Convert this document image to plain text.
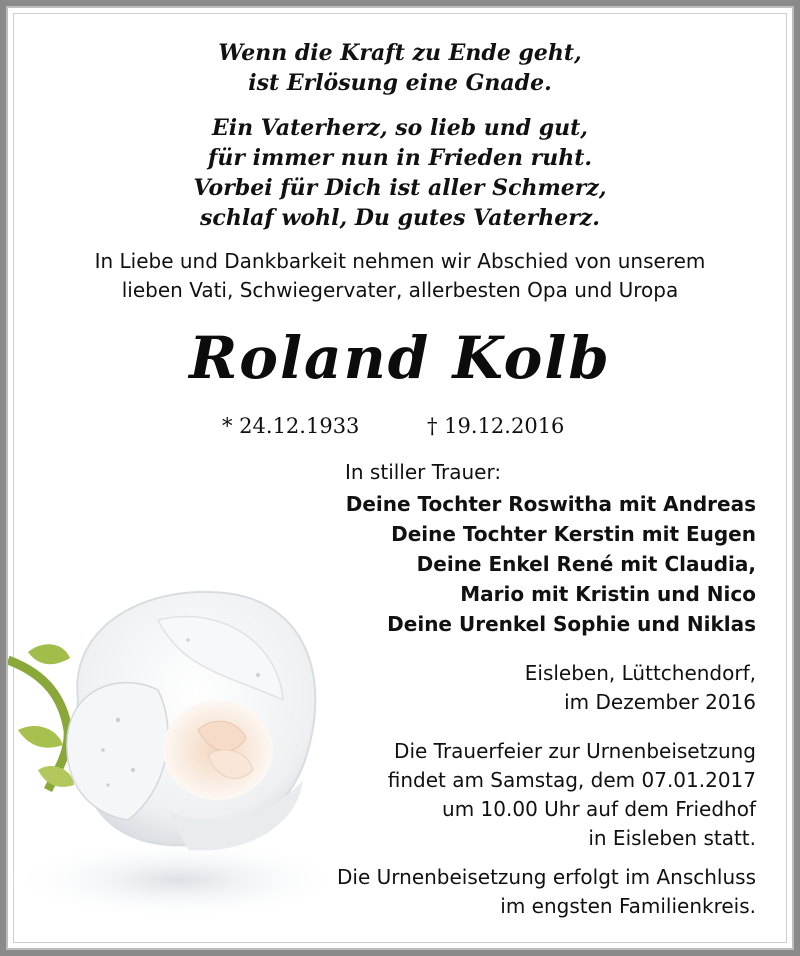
Wenn die Kraft zu Ende geht,
ist Erlösung eine Gnade.
Ein Vaterherz, so lieb und gut,
für immer nun in Frieden ruht.
Vorbei für Dich ist aller Schmerz,
schlaf wohl, Du gutes Vaterherz.
In Liebe und Dankbarkeit nehmen wir Abschied von unserem
lieben Vati, Schwiegervater, allerbesten Opa und Uropa
Roland Kolb
* 24.12.1933	† 19.12.2016
In stiller Trauer:
Deine Tochter Roswitha mit Andreas
Deine Tochter Kerstin mit Eugen
Deine Enkel René mit Claudia,
Mario mit Kristin und Nico
Deine Urenkel Sophie und Niklas
Eisleben, Lüttchendorf,
im Dezember 2016
Die Trauerfeier zur Urnenbeisetzung
findet am Samstag, dem 07.01.2017
um 10.00 Uhr auf dem Friedhof
in Eisleben statt.
Die Urnenbeisetzung erfolgt im Anschluss
im engsten Familienkreis.
